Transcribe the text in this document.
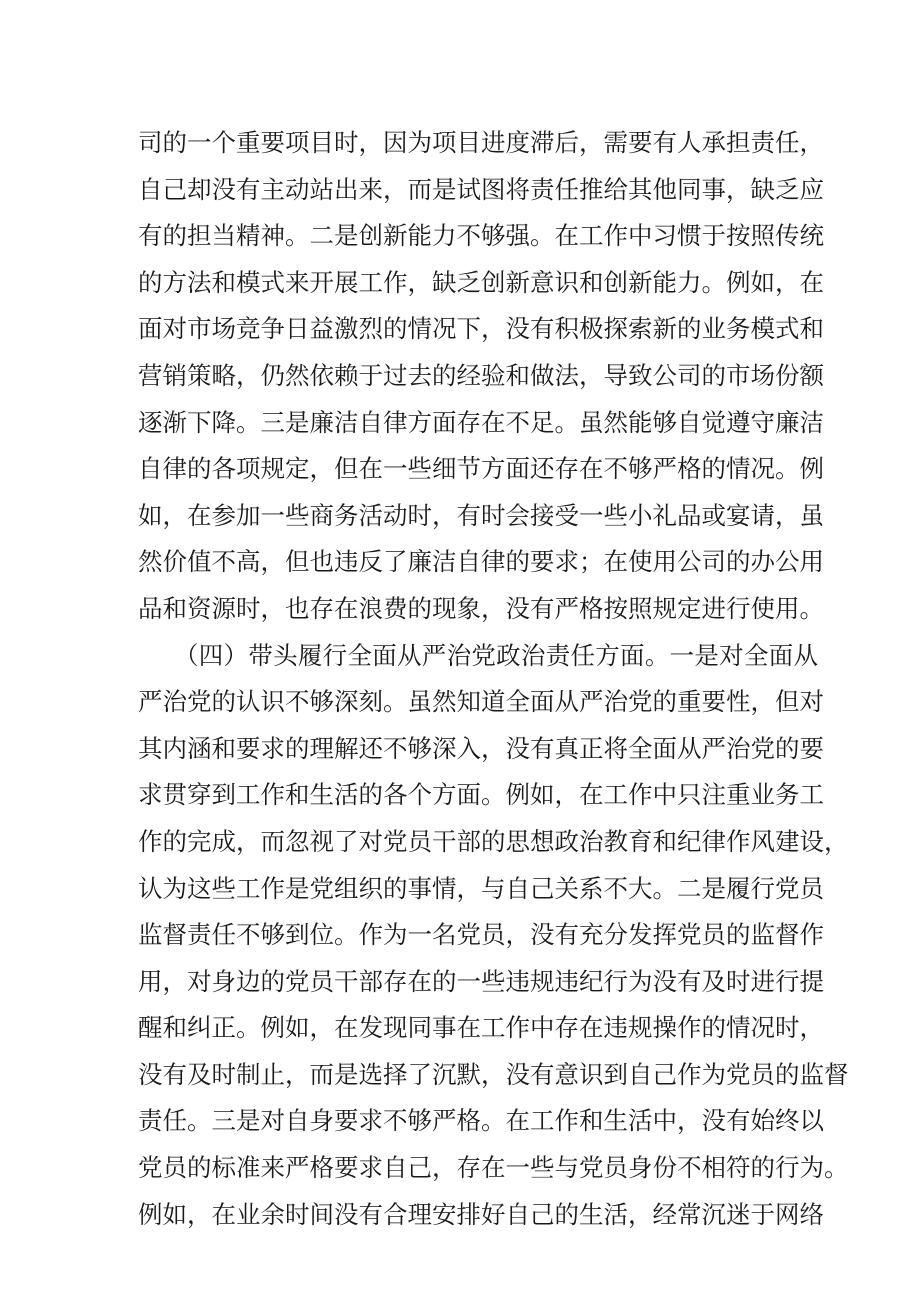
司的一个重要项目时，因为项目进度滞后，需要有人承担责任，
自己却没有主动站出来，而是试图将责任推给其他同事，缺乏应
有的担当精神。二是创新能力不够强。在工作中习惯于按照传统
的方法和模式来开展工作，缺乏创新意识和创新能力。例如，在
面对市场竞争日益激烈的情况下，没有积极探索新的业务模式和
营销策略，仍然依赖于过去的经验和做法，导致公司的市场份额
逐渐下降。三是廉洁自律方面存在不足。虽然能够自觉遵守廉洁
自律的各项规定，但在一些细节方面还存在不够严格的情况。例
如，在参加一些商务活动时，有时会接受一些小礼品或宴请，虽
然价值不高，但也违反了廉洁自律的要求；在使用公司的办公用
品和资源时，也存在浪费的现象，没有严格按照规定进行使用。
（四）带头履行全面从严治党政治责任方面。一是对全面从
严治党的认识不够深刻。虽然知道全面从严治党的重要性，但对
其内涵和要求的理解还不够深入，没有真正将全面从严治党的要
求贯穿到工作和生活的各个方面。例如，在工作中只注重业务工
作的完成，而忽视了对党员干部的思想政治教育和纪律作风建设，
认为这些工作是党组织的事情，与自己关系不大。二是履行党员
监督责任不够到位。作为一名党员，没有充分发挥党员的监督作
用，对身边的党员干部存在的一些违规违纪行为没有及时进行提
醒和纠正。例如，在发现同事在工作中存在违规操作的情况时，
没有及时制止，而是选择了沉默，没有意识到自己作为党员的监督
责任。三是对自身要求不够严格。在工作和生活中，没有始终以
党员的标准来严格要求自己，存在一些与党员身份不相符的行为。
例如，在业余时间没有合理安排好自己的生活，经常沉迷于网络
